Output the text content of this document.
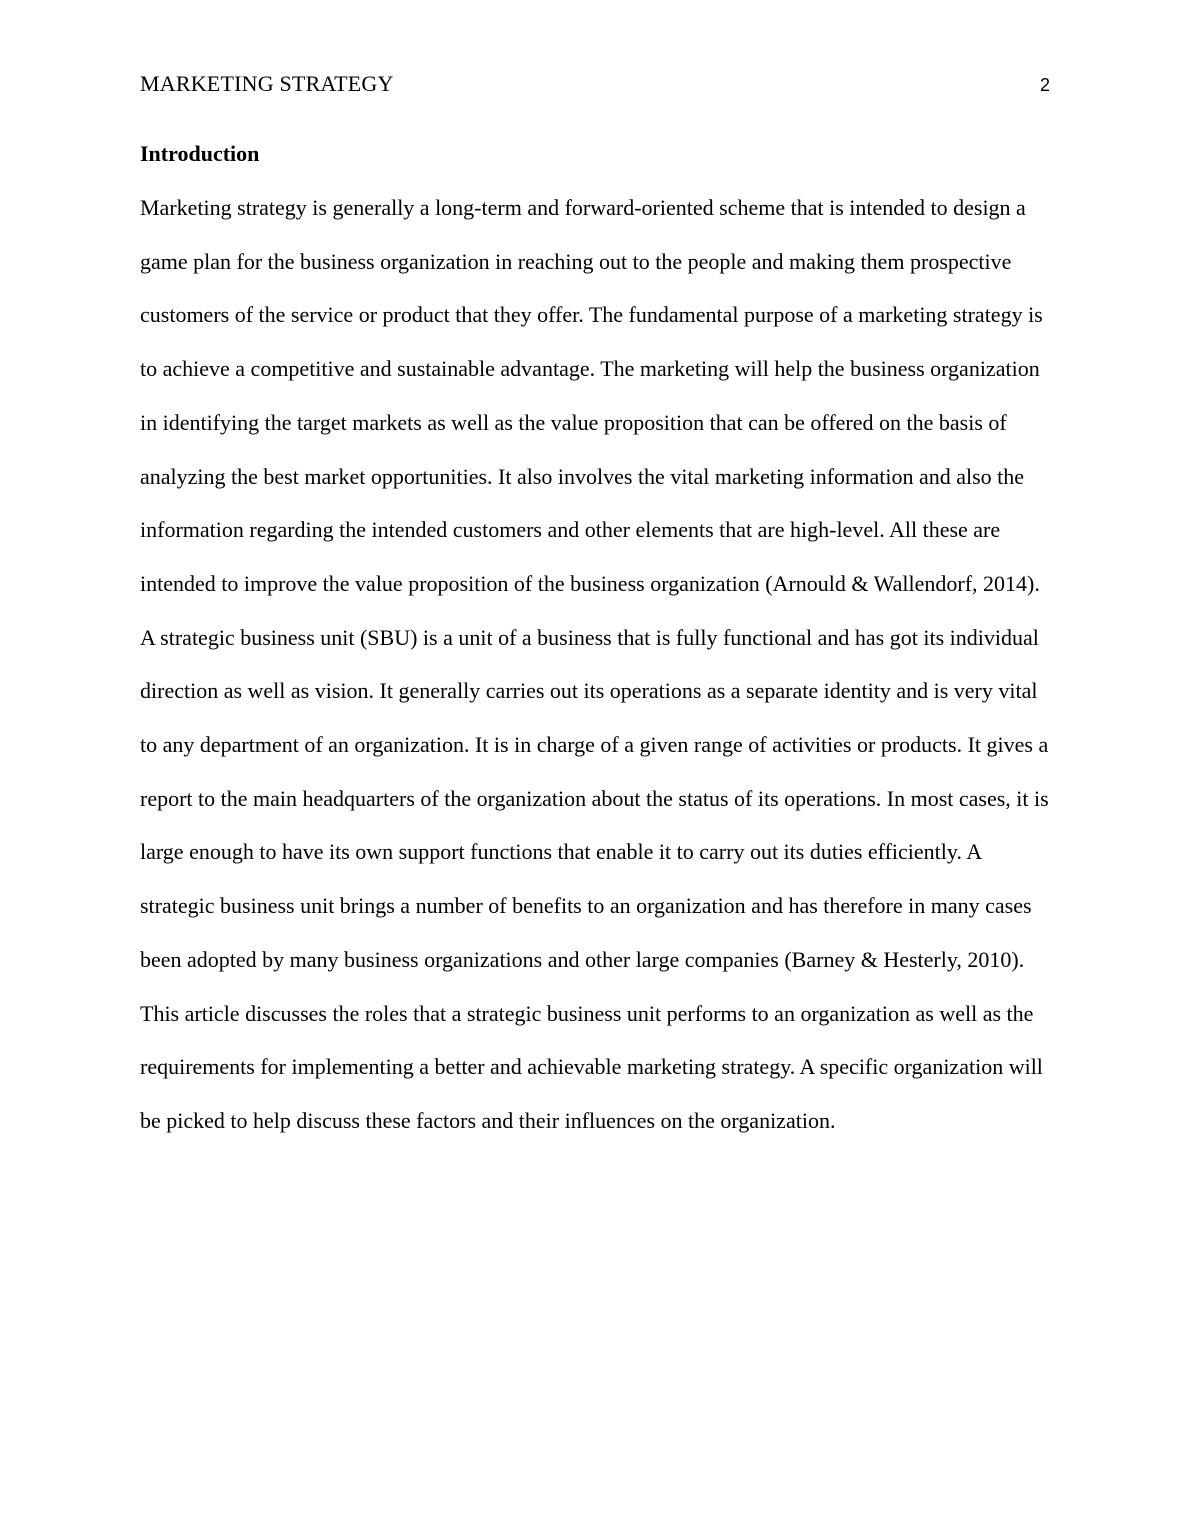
MARKETING STRATEGY	2
Introduction

Marketing strategy is generally a long-term and forward-oriented scheme that is intended to design a game plan for the business organization in reaching out to the people and making them prospective customers of the service or product that they offer. The fundamental purpose of a marketing strategy is to achieve a competitive and sustainable advantage. The marketing will help the business organization in identifying the target markets as well as the value proposition that can be offered on the basis of analyzing the best market opportunities. It also involves the vital marketing information and also the information regarding the intended customers and other elements that are high-level. All these are intended to improve the value proposition of the business organization (Arnould & Wallendorf, 2014).

A strategic business unit (SBU) is a unit of a business that is fully functional and has got its individual direction as well as vision. It generally carries out its operations as a separate identity and is very vital to any department of an organization. It is in charge of a given range of activities or products. It gives a report to the main headquarters of the organization about the status of its operations. In most cases, it is large enough to have its own support functions that enable it to carry out its duties efficiently. A strategic business unit brings a number of benefits to an organization and has therefore in many cases been adopted by many business organizations and other large companies (Barney & Hesterly, 2010).

This article discusses the roles that a strategic business unit performs to an organization as well as the requirements for implementing a better and achievable marketing strategy. A specific organization will be picked to help discuss these factors and their influences on the organization.
